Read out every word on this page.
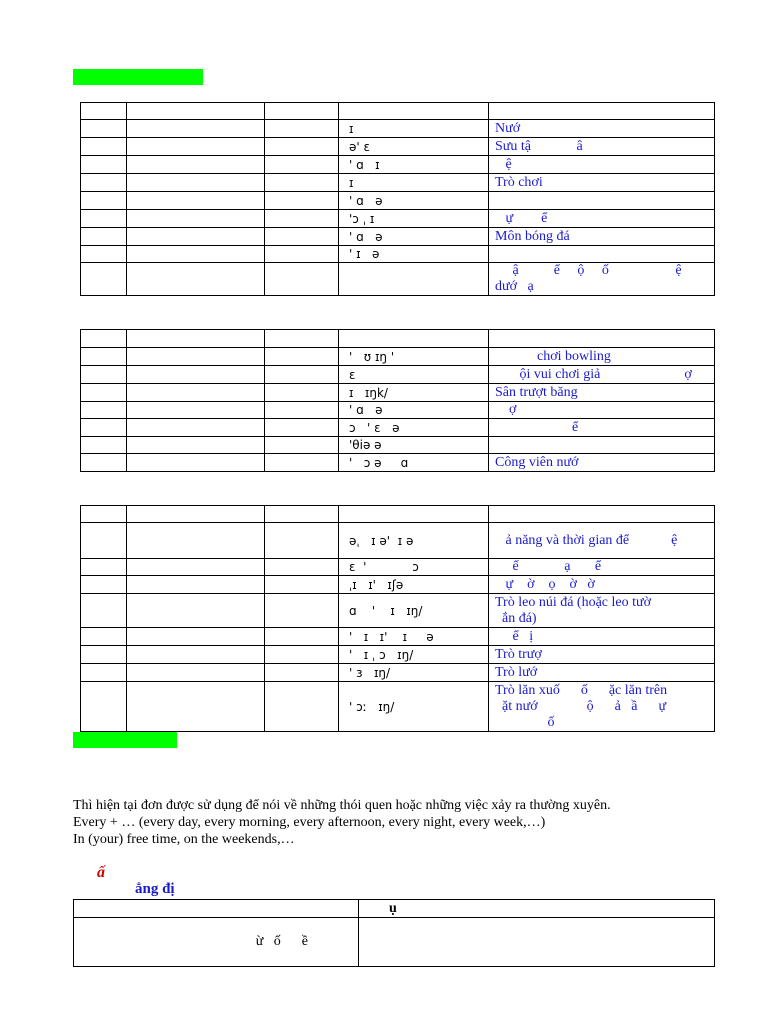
			ɪ	Nướ
			ə' ɛ	Sưu tậ             â
			' ɑ   ɪ	ệ
			ɪ	Trò chơi
			' ɑ   ə	
			'ɔ ˌ ɪ	ự        ể
			' ɑ   ə	Môn bóng đá
			' ɪ   ə	
				ậ          ể     ộ     ố                   ệ
dướ   ạ

			'   ʊ ɪŋ '	chơi bowling
			ɛ	ội vui chơi giả                        ợ
			ɪ   ɪŋk/	Sân trượt băng
			' ɑ   ə	ợ
			ɔ   ' ɛ   ə	ể
			'θiə ə	
			'   ɔ ə     ɑ	Công viên nướ

			əˌ   ɪ ə'  ɪ ə	ả năng và thời gian để            ệ
			ɛ  '            ɔ	ể             ạ       ể
			ˌɪ   ɪ'   ɪʃə	ự    ờ    ọ    ờ   ờ
			ɑ    '    ɪ   ɪŋ/	Trò leo núi đá (hoặc leo tườ
ắn đá)
			'   ɪ   ɪ'    ɪ     ə	ể   ị
			'   ɪ ˌ ɔ   ɪŋ/	Trò trượ
			' ɜ   ɪŋ/	Trò lướ
			' ɔː   ɪŋ/	Trò lăn xuố      ố      ặc lăn trên
ặt nướ              ộ      ả   ầ      ự
ố
Thì hiện tại đơn được sử dụng để nói về những thói quen hoặc những việc xảy ra thường xuyên.
Every + … (every day, every morning, every afternoon, every night, every week,…)
In (your) free time, on the weekends,…
ấ
ẳng đị
	ụ
ừ   ố      ề	
